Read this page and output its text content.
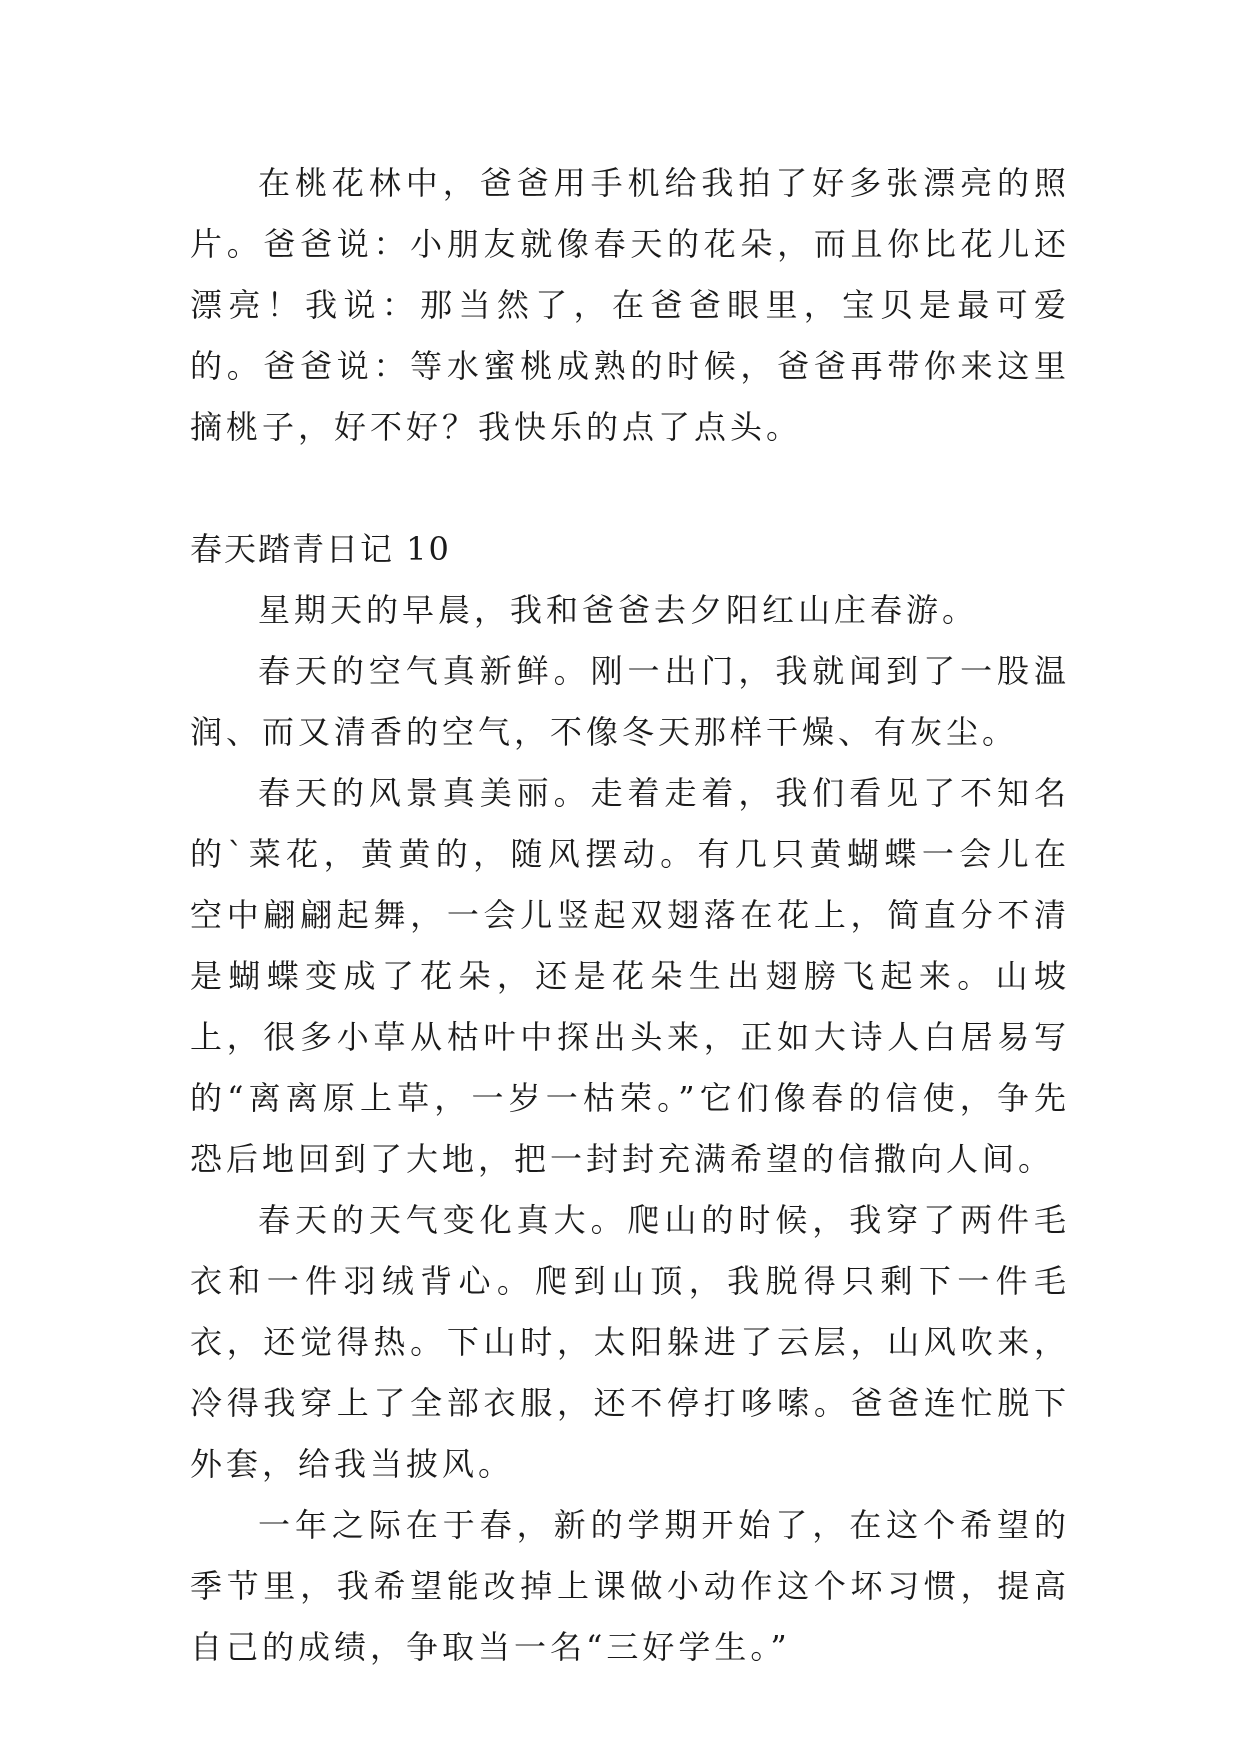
在桃花林中，爸爸用手机给我拍了好多张漂亮的照片。爸爸说：小朋友就像春天的花朵，而且你比花儿还漂亮！我说：那当然了，在爸爸眼里，宝贝是最可爱的。爸爸说：等水蜜桃成熟的时候，爸爸再带你来这里摘桃子，好不好？我快乐的点了点头。

春天踏青日记 10

星期天的早晨，我和爸爸去夕阳红山庄春游。

春天的空气真新鲜。刚一出门，我就闻到了一股温润、而又清香的空气，不像冬天那样干燥、有灰尘。

春天的风景真美丽。走着走着，我们看见了不知名的`菜花，黄黄的，随风摆动。有几只黄蝴蝶一会儿在空中翩翩起舞，一会儿竖起双翅落在花上，简直分不清是蝴蝶变成了花朵，还是花朵生出翅膀飞起来。山坡上，很多小草从枯叶中探出头来，正如大诗人白居易写的“离离原上草，一岁一枯荣。”它们像春的信使，争先恐后地回到了大地，把一封封充满希望的信撒向人间。

春天的天气变化真大。爬山的时候，我穿了两件毛衣和一件羽绒背心。爬到山顶，我脱得只剩下一件毛衣，还觉得热。下山时，太阳躲进了云层，山风吹来，冷得我穿上了全部衣服，还不停打哆嗦。爸爸连忙脱下外套，给我当披风。

一年之际在于春，新的学期开始了，在这个希望的季节里，我希望能改掉上课做小动作这个坏习惯，提高自己的成绩，争取当一名“三好学生。”
